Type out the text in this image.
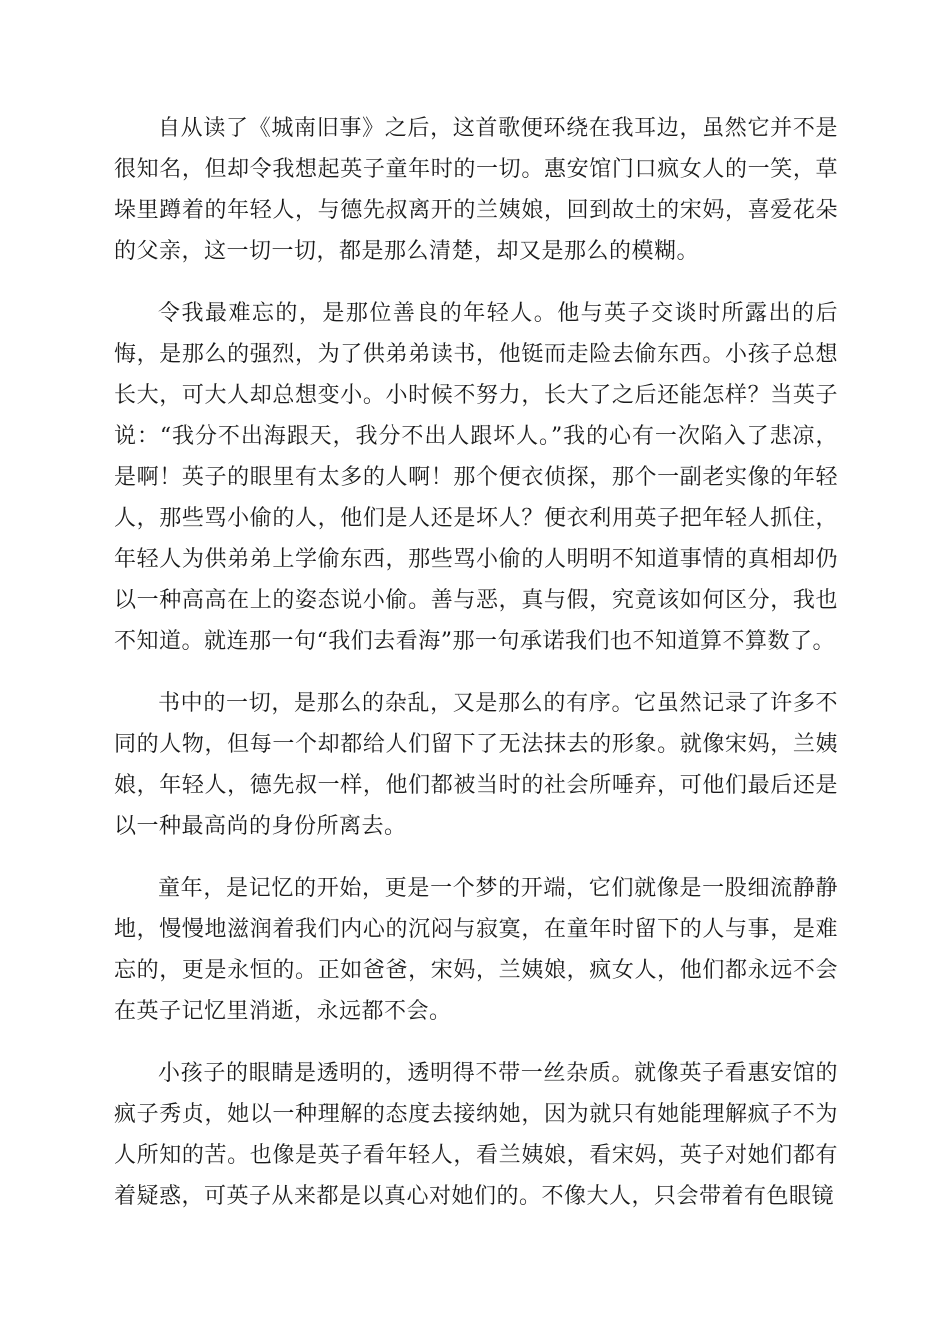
自从读了《城南旧事》之后，这首歌便环绕在我耳边，虽然它并不是很知名，但却令我想起英子童年时的一切。惠安馆门口疯女人的一笑，草垛里蹲着的年轻人，与德先叔离开的兰姨娘，回到故土的宋妈，喜爱花朵的父亲，这一切一切，都是那么清楚，却又是那么的模糊。

令我最难忘的，是那位善良的年轻人。他与英子交谈时所露出的后悔，是那么的强烈，为了供弟弟读书，他铤而走险去偷东西。小孩子总想长大，可大人却总想变小。小时候不努力，长大了之后还能怎样？当英子说：“我分不出海跟天，我分不出人跟坏人。”我的心有一次陷入了悲凉，是啊！英子的眼里有太多的人啊！那个便衣侦探，那个一副老实像的年轻人，那些骂小偷的人，他们是人还是坏人？便衣利用英子把年轻人抓住，年轻人为供弟弟上学偷东西，那些骂小偷的人明明不知道事情的真相却仍以一种高高在上的姿态说小偷。善与恶，真与假，究竟该如何区分，我也不知道。就连那一句“我们去看海”那一句承诺我们也不知道算不算数了。

书中的一切，是那么的杂乱，又是那么的有序。它虽然记录了许多不同的人物，但每一个却都给人们留下了无法抹去的形象。就像宋妈，兰姨娘，年轻人，德先叔一样，他们都被当时的社会所唾弃，可他们最后还是以一种最高尚的身份所离去。

童年，是记忆的开始，更是一个梦的开端，它们就像是一股细流静静地，慢慢地滋润着我们内心的沉闷与寂寞，在童年时留下的人与事，是难忘的，更是永恒的。正如爸爸，宋妈，兰姨娘，疯女人，他们都永远不会在英子记忆里消逝，永远都不会。

小孩子的眼睛是透明的，透明得不带一丝杂质。就像英子看惠安馆的疯子秀贞，她以一种理解的态度去接纳她，因为就只有她能理解疯子不为人所知的苦。也像是英子看年轻人，看兰姨娘，看宋妈，英子对她们都有着疑惑，可英子从来都是以真心对她们的。不像大人，只会带着有色眼镜
